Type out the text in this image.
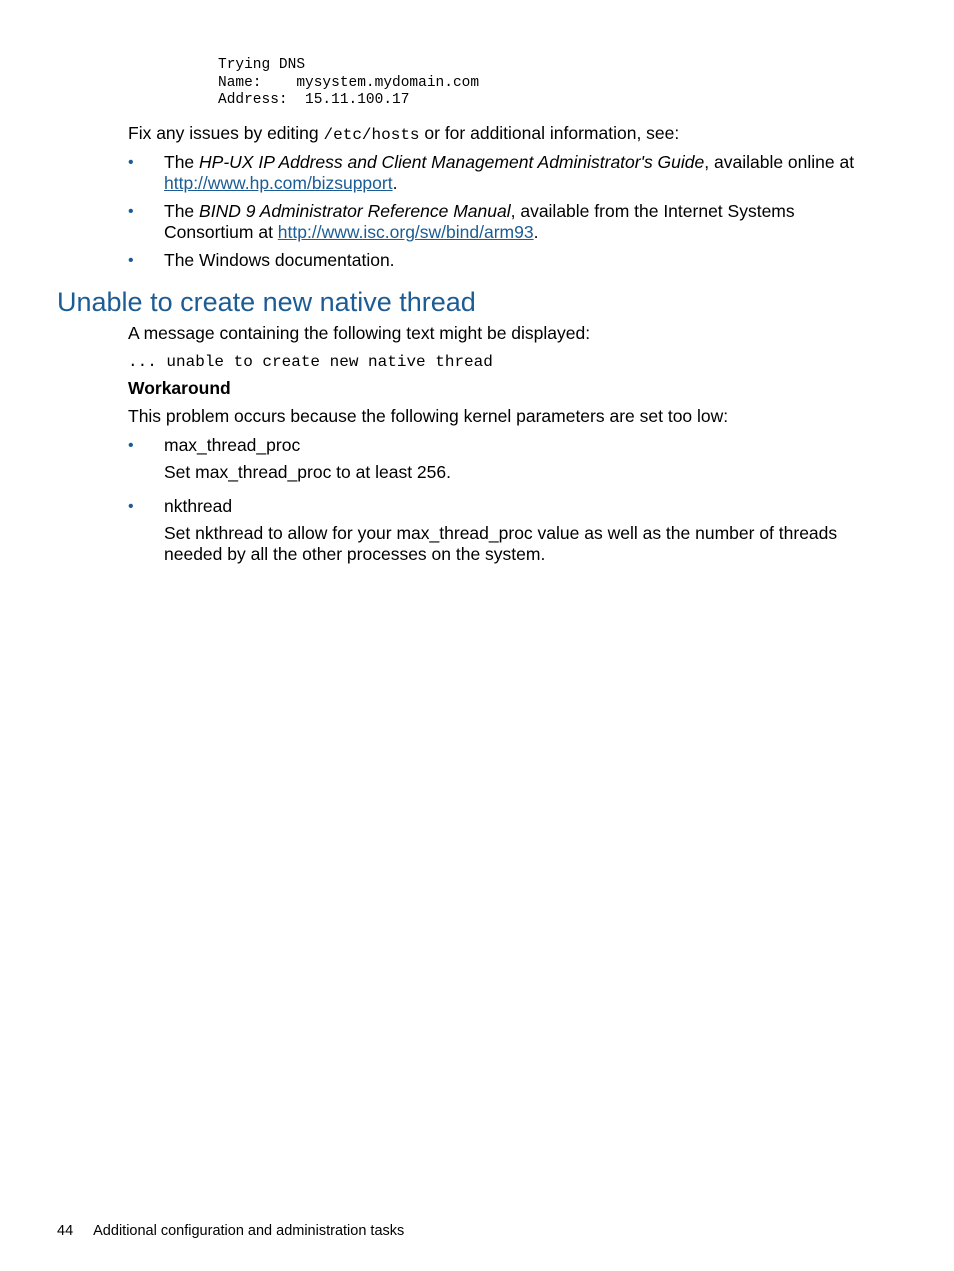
Trying DNS
Name:    mysystem.mydomain.com
Address:  15.11.100.17
Fix any issues by editing /etc/hosts or for additional information, see:
• The HP-UX IP Address and Client Management Administrator's Guide, available online at http://www.hp.com/bizsupport.
• The BIND 9 Administrator Reference Manual, available from the Internet Systems Consortium at http://www.isc.org/sw/bind/arm93.
• The Windows documentation.
Unable to create new native thread
A message containing the following text might be displayed:
... unable to create new native thread
Workaround
This problem occurs because the following kernel parameters are set too low:
• max_thread_proc
Set max_thread_proc to at least 256.
• nkthread
Set nkthread to allow for your max_thread_proc value as well as the number of threads needed by all the other processes on the system.
44 Additional configuration and administration tasks
